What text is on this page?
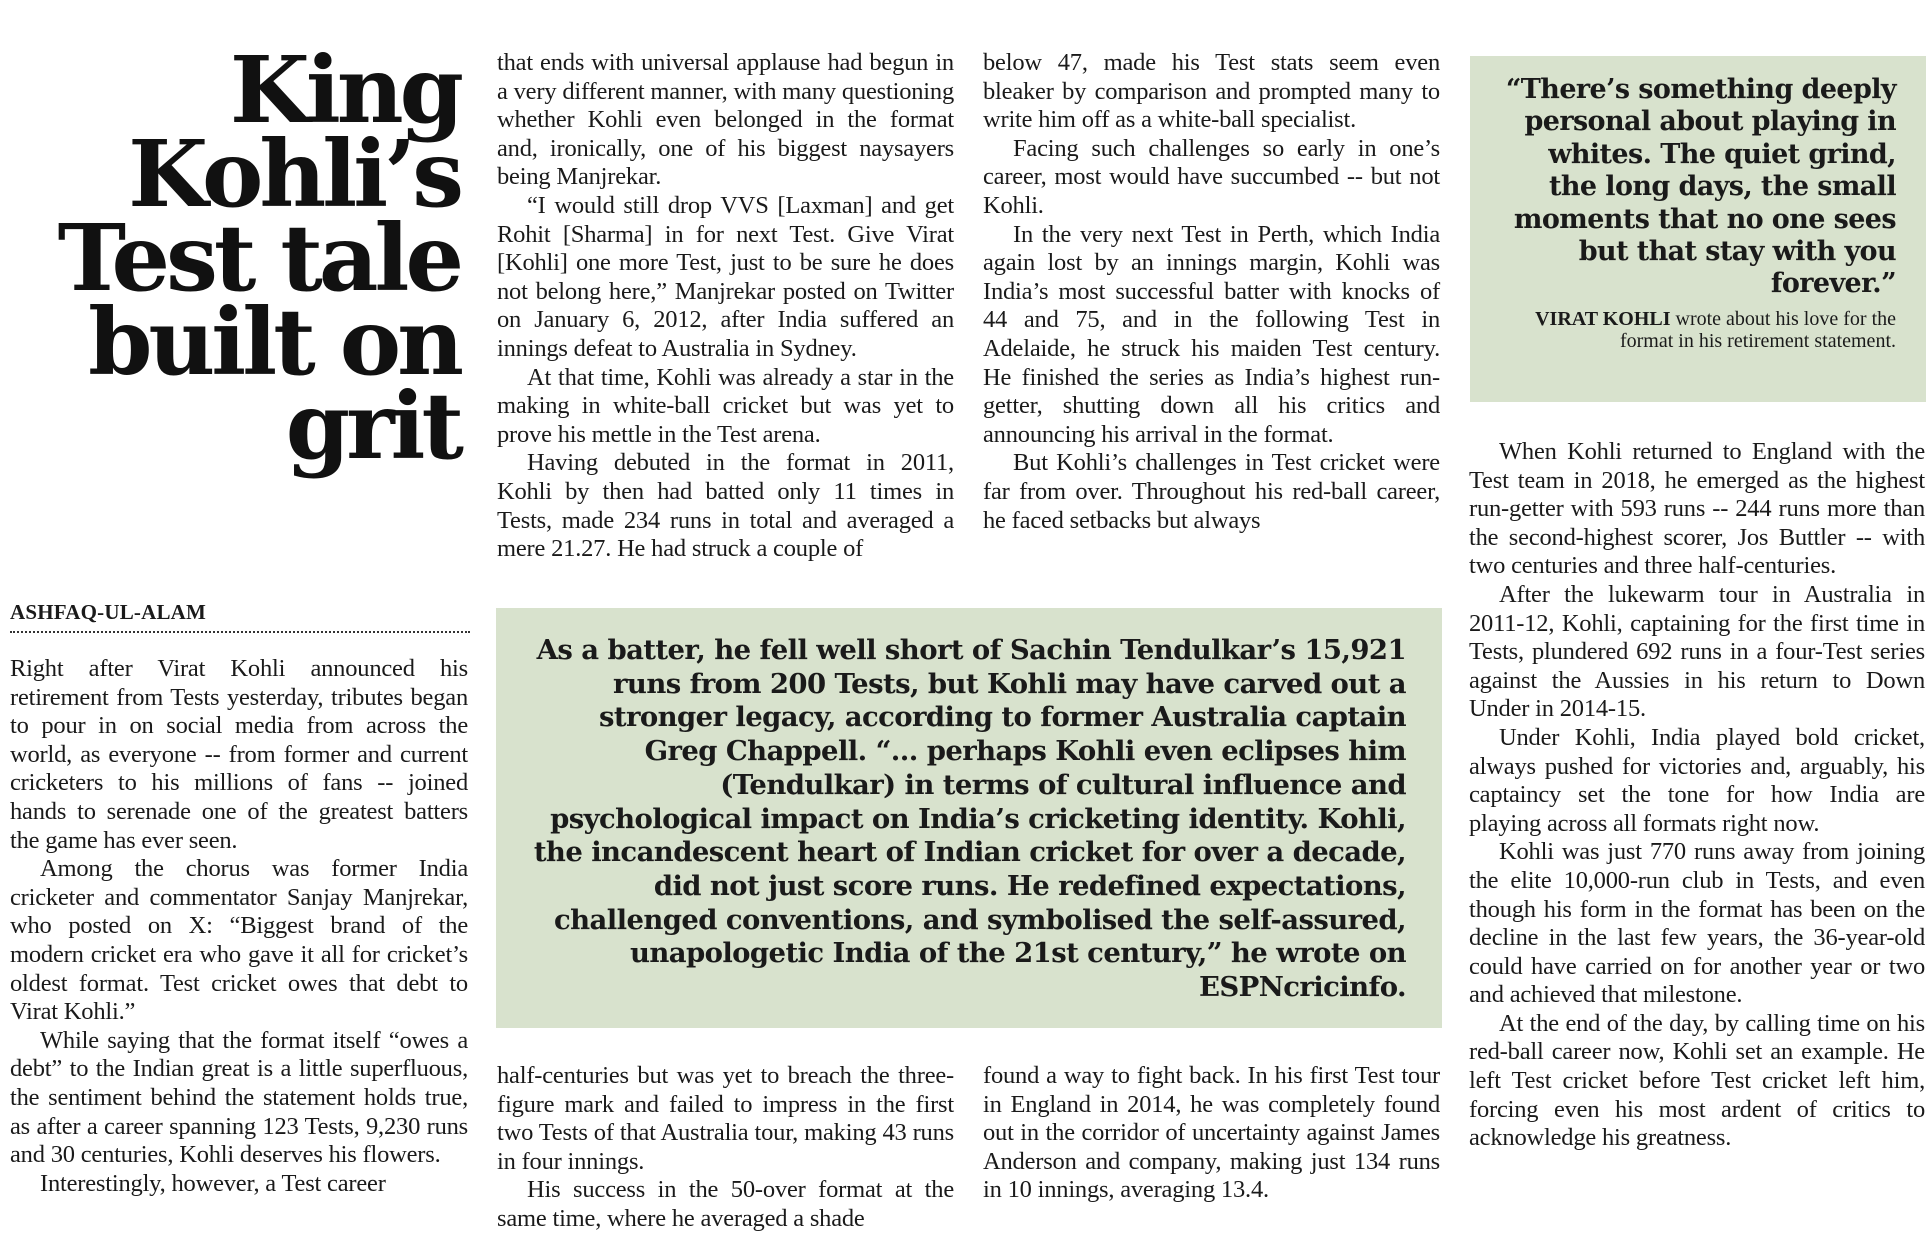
King Kohli’s Test tale built on grit
ASHFAQ-UL-ALAM

Right after Virat Kohli announced his retirement from Tests yesterday, tributes began to pour in on social media from across the world, as everyone -- from former and current cricketers to his millions of fans -- joined hands to serenade one of the greatest batters the game has ever seen.

Among the chorus was former India cricketer and commentator Sanjay Manjrekar, who posted on X: “Biggest brand of the modern cricket era who gave it all for cricket’s oldest format. Test cricket owes that debt to Virat Kohli.”

While saying that the format itself “owes a debt” to the Indian great is a little superfluous, the sentiment behind the statement holds true, as after a career spanning 123 Tests, 9,230 runs and 30 centuries, Kohli deserves his flowers.

Interestingly, however, a Test career

that ends with universal applause had begun in a very different manner, with many questioning whether Kohli even belonged in the format and, ironically, one of his biggest naysayers being Manjrekar.

“I would still drop VVS [Laxman] and get Rohit [Sharma] in for next Test. Give Virat [Kohli] one more Test, just to be sure he does not belong here,” Manjrekar posted on Twitter on January 6, 2012, after India suffered an innings defeat to Australia in Sydney.

At that time, Kohli was already a star in the making in white-ball cricket but was yet to prove his mettle in the Test arena.

Having debuted in the format in 2011, Kohli by then had batted only 11 times in Tests, made 234 runs in total and averaged a mere 21.27. He had struck a couple of

below 47, made his Test stats seem even bleaker by comparison and prompted many to write him off as a white-ball specialist.

Facing such challenges so early in one’s career, most would have succumbed -- but not Kohli.

In the very next Test in Perth, which India again lost by an innings margin, Kohli was India’s most successful batter with knocks of 44 and 75, and in the following Test in Adelaide, he struck his maiden Test century. He finished the series as India’s highest run-getter, shutting down all his critics and announcing his arrival in the format.

But Kohli’s challenges in Test cricket were far from over. Throughout his red-ball career, he faced setbacks but always

As a batter, he fell well short of Sachin Tendulkar’s 15,921 runs from 200 Tests, but Kohli may have carved out a stronger legacy, according to former Australia captain Greg Chappell. “... perhaps Kohli even eclipses him (Tendulkar) in terms of cultural influence and psychological impact on India’s cricketing identity. Kohli, the incandescent heart of Indian cricket for over a decade, did not just score runs. He redefined expectations, challenged conventions, and symbolised the self-assured, unapologetic India of the 21st century,” he wrote on ESPNcricinfo.

half-centuries but was yet to breach the three-figure mark and failed to impress in the first two Tests of that Australia tour, making 43 runs in four innings.

His success in the 50-over format at the same time, where he averaged a shade

found a way to fight back. In his first Test tour in England in 2014, he was completely found out in the corridor of uncertainty against James Anderson and company, making just 134 runs in 10 innings, averaging 13.4.

“There’s something deeply personal about playing in whites. The quiet grind, the long days, the small moments that no one sees but that stay with you forever.”

VIRAT KOHLI wrote about his love for the format in his retirement statement.

When Kohli returned to England with the Test team in 2018, he emerged as the highest run-getter with 593 runs -- 244 runs more than the second-highest scorer, Jos Buttler -- with two centuries and three half-centuries.

After the lukewarm tour in Australia in 2011-12, Kohli, captaining for the first time in Tests, plundered 692 runs in a four-Test series against the Aussies in his return to Down Under in 2014-15.

Under Kohli, India played bold cricket, always pushed for victories and, arguably, his captaincy set the tone for how India are playing across all formats right now.

Kohli was just 770 runs away from joining the elite 10,000-run club in Tests, and even though his form in the format has been on the decline in the last few years, the 36-year-old could have carried on for another year or two and achieved that milestone.

At the end of the day, by calling time on his red-ball career now, Kohli set an example. He left Test cricket before Test cricket left him, forcing even his most ardent of critics to acknowledge his greatness.
